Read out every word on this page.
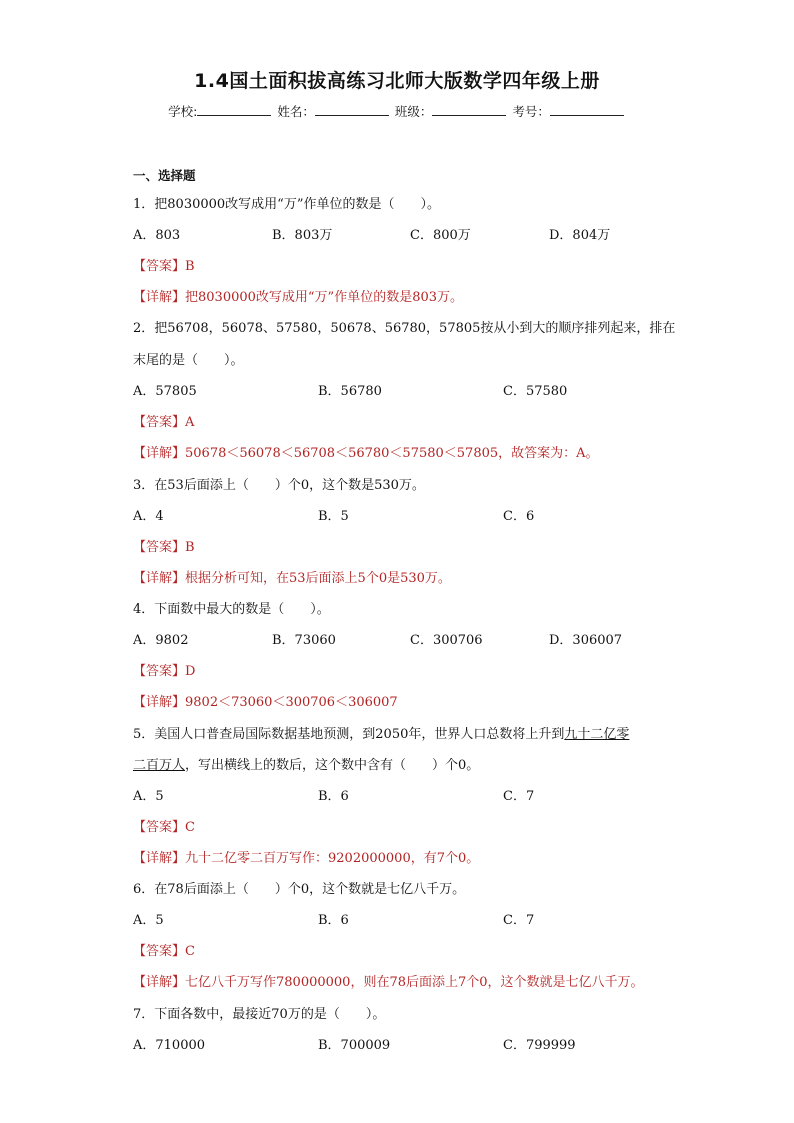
1.4国土面积拔高练习北师大版数学四年级上册
学校:	姓名：	班级：	考号：
一、选择题
1．把8030000改写成用“万”作单位的数是（　　）。
A．803	B．803万	C．800万	D．804万
【答案】B
【详解】把8030000改写成用“万”作单位的数是803万。
2．把56708，56078、57580，50678、56780，57805按从小到大的顺序排列起来，排在
末尾的是（　　）。
A．57805	B．56780	C．57580
【答案】A
【详解】50678＜56078＜56708＜56780＜57580＜57805，故答案为：A。
3．在53后面添上（　　）个0，这个数是530万。
A．4	B．5	C．6
【答案】B
【详解】根据分析可知，在53后面添上5个0是530万。
4．下面数中最大的数是（　　）。
A．9802	B．73060	C．300706	D．306007
【答案】D
【详解】9802＜73060＜300706＜306007
5．美国人口普查局国际数据基地预测，到2050年，世界人口总数将上升到九十二亿零
二百万人，写出横线上的数后，这个数中含有（　　）个0。
A．5	B．6	C．7
【答案】C
【详解】九十二亿零二百万写作：9202000000，有7个0。
6．在78后面添上（　　）个0，这个数就是七亿八千万。
A．5	B．6	C．7
【答案】C
【详解】七亿八千万写作780000000，则在78后面添上7个0，这个数就是七亿八千万。
7．下面各数中，最接近70万的是（　　）。
A．710000	B．700009	C．799999
